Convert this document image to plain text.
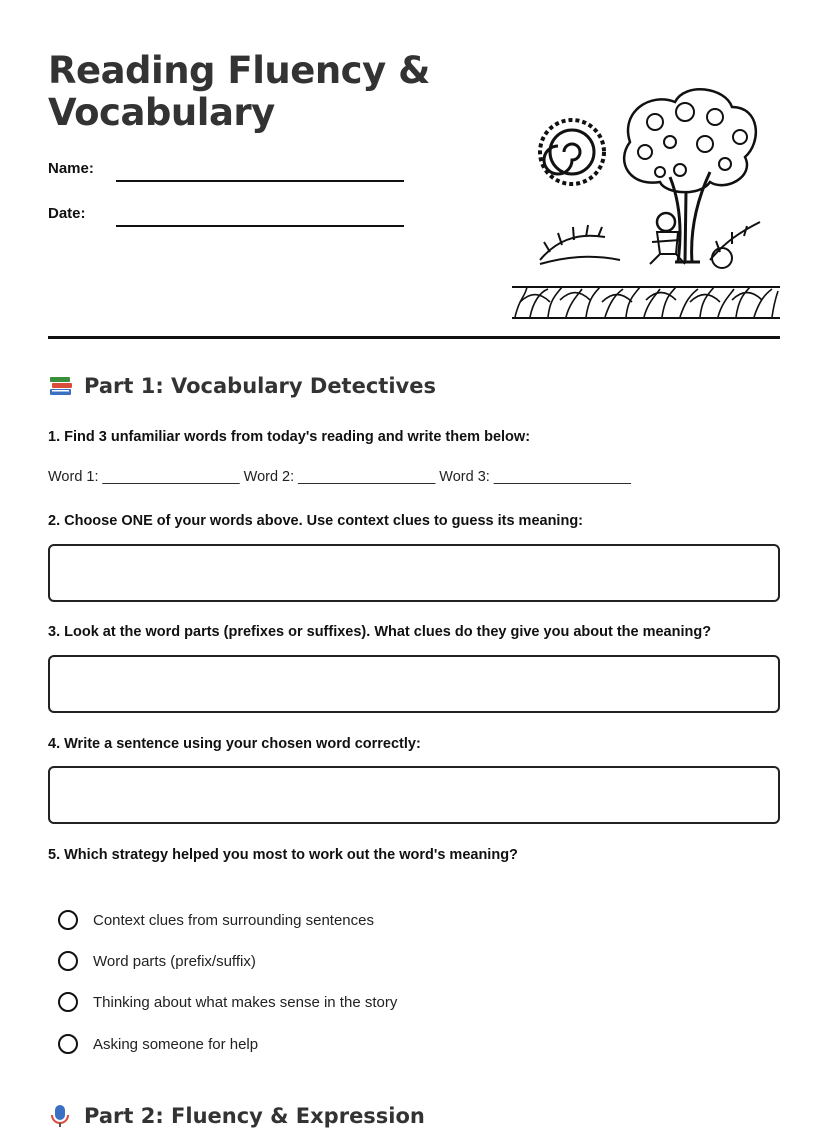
Reading Fluency & Vocabulary
Name:
Date:
Part 1: Vocabulary Detectives
1. Find 3 unfamiliar words from today's reading and write them below:
Word 1: _________________ Word 2: _________________ Word 3: _________________
2. Choose ONE of your words above. Use context clues to guess its meaning:
3. Look at the word parts (prefixes or suffixes). What clues do they give you about the meaning?
4. Write a sentence using your chosen word correctly:
5. Which strategy helped you most to work out the word's meaning?
Context clues from surrounding sentences
Word parts (prefix/suffix)
Thinking about what makes sense in the story
Asking someone for help
Part 2: Fluency & Expression
